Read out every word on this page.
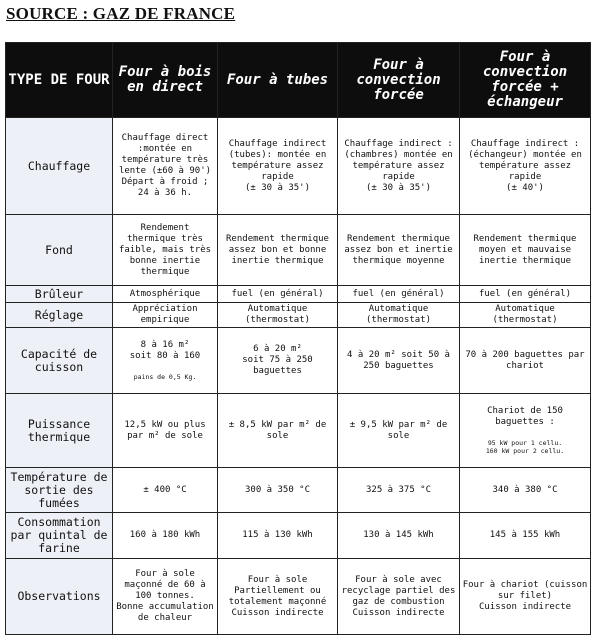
SOURCE : GAZ DE FRANCE
TYPE DE FOUR	Four à bois en direct	Four à tubes	Four à convection forcée	Four à convection forcée + échangeur
Chauffage	Chauffage direct :montée en température très lente (±60 à 90')
Départ à froid ;
24 à 36 h.	Chauffage indirect (tubes): montée en température assez rapide
(± 30 à 35')	Chauffage indirect : (chambres) montée en température assez rapide
(± 30 à 35')	Chauffage indirect : (échangeur) montée en température assez rapide
(± 40')
Fond	Rendement thermique très faible, mais très bonne inertie thermique	Rendement thermique assez bon et bonne inertie thermique	Rendement thermique assez bon et inertie thermique moyenne	Rendement thermique moyen et mauvaise inertie thermique
Brûleur	Atmosphérique	fuel (en général)	fuel (en général)	fuel (en général)
Réglage	Appréciation empirique	Automatique (thermostat)	Automatique (thermostat)	Automatique (thermostat)
Capacité de cuisson	8 à 16 m²
soit 80 à 160

pains de 0,5 Kg.	6 à 20 m²
soit 75 à 250 baguettes	4 à 20 m² soit 50 à 250 baguettes	70 à 200 baguettes par chariot
Puissance thermique	12,5 kW ou plus par m² de sole	± 8,5 kW par m² de sole	± 9,5 kW par m² de sole	Chariot de 150 baguettes :

95 kW pour 1 cellu.
160 kW pour 2 cellu.

Température de sortie des fumées	± 400 °C	300 à 350 °C	325 à 375 °C	340 à 380 °C
Consommation par quintal de farine	160 à 180 kWh	115 à 130 kWh	130 à 145 kWh	145 à 155 kWh
Observations	Four à sole maçonné de 60 à 100 tonnes.
Bonne accumulation de chaleur	Four à sole
Partiellement ou totalement maçonné
Cuisson indirecte	Four à sole avec recyclage partiel des gaz de combustion
Cuisson indirecte	Four à chariot (cuisson sur filet)
Cuisson indirecte
